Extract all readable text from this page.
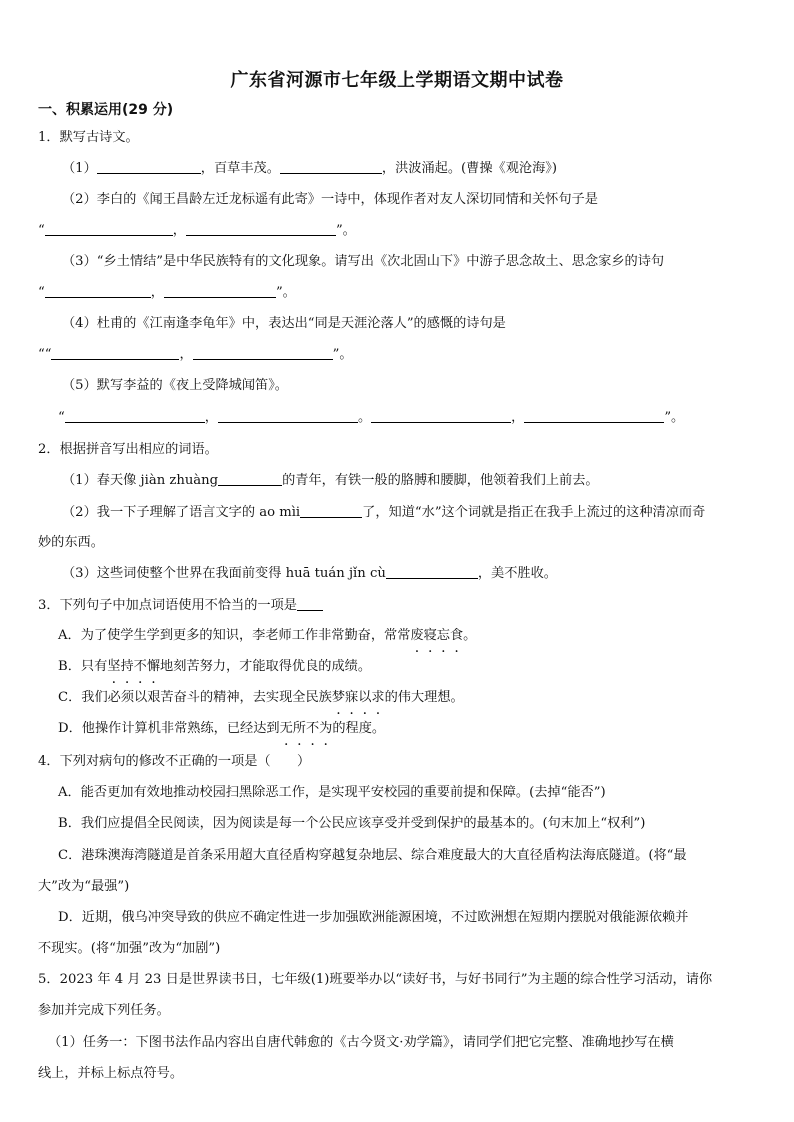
广东省河源市七年级上学期语文期中试卷
一、积累运用(29 分)
1．默写古诗文。
（1）	，百草丰茂。	，洪波涌起。(曹操《观沧海》)
（2）李白的《闻王昌龄左迁龙标遥有此寄》一诗中，体现作者对友人深切同情和关怀句子是
“	，	”。
（3）“乡土情结”是中华民族特有的文化现象。请写出《次北固山下》中游子思念故土、思念家乡的诗句
“	，	”。
（4）杜甫的《江南逢李龟年》中，表达出“同是天涯沦落人”的感慨的诗句是
““	，	”。
（5）默写李益的《夜上受降城闻笛》。
“	，	。	，	”。
2．根据拼音写出相应的词语。
（1）春天像 jiàn zhuàng	的青年，有铁一般的胳膊和腰脚，他领着我们上前去。
（2）我一下子理解了语言文字的 ao mìi	了，知道“水”这个词就是指正在我手上流过的这种清凉而奇
妙的东西。
（3）这些词使整个世界在我面前变得 huā tuán jǐn cù	，美不胜收。
3．下列句子中加点词语使用不恰当的一项是
A．为了使学生学到更多的知识，李老师工作非常勤奋，常常废寝忘食。
B．只有坚持不懈地刻苦努力，才能取得优良的成绩。
C．我们必须以艰苦奋斗的精神，去实现全民族梦寐以求的伟大理想。
D．他操作计算机非常熟练，已经达到无所不为的程度。
4．下列对病句的修改不正确的一项是（　　）
A．能否更加有效地推动校园扫黑除恶工作，是实现平安校园的重要前提和保障。(去掉“能否”)
B．我们应提倡全民阅读，因为阅读是每一个公民应该享受并受到保护的最基本的。(句末加上“权利”)
C．港珠澳海湾隧道是首条采用超大直径盾构穿越复杂地层、综合难度最大的大直径盾构法海底隧道。(将“最
大”改为“最强”)
D．近期，俄乌冲突导致的供应不确定性进一步加强欧洲能源困境，不过欧洲想在短期内摆脱对俄能源依赖并
不现实。(将“加强”改为“加剧”)
5．2023 年 4 月 23 日是世界读书日，七年级(1)班要举办以“读好书，与好书同行”为主题的综合性学习活动，请你
参加并完成下列任务。
（1）任务一：下图书法作品内容出自唐代韩愈的《古今贤文·劝学篇》，请同学们把它完整、准确地抄写在横
线上，并标上标点符号。
